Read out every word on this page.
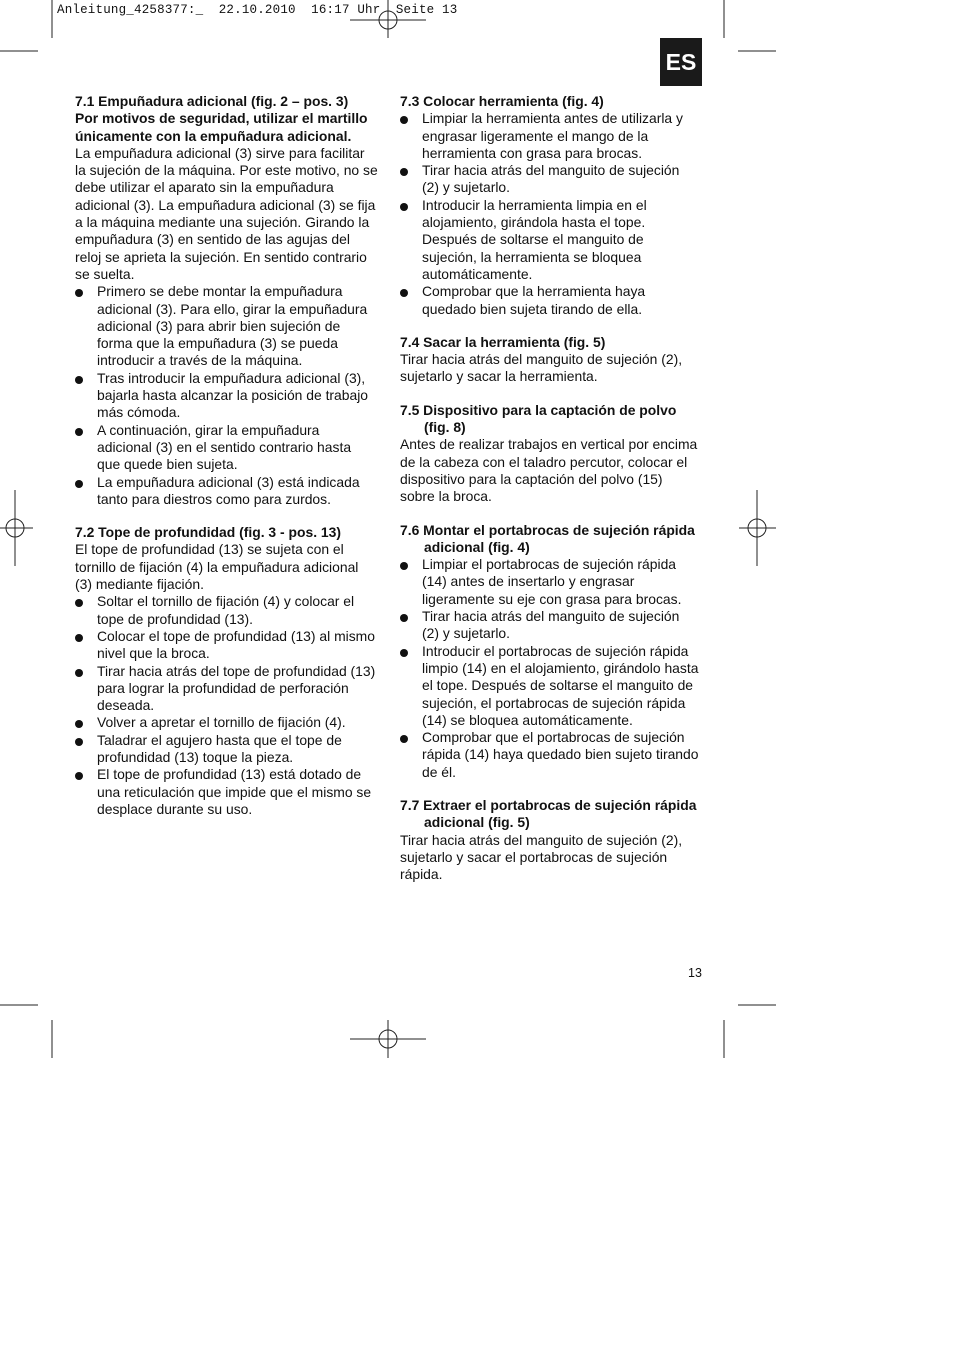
Anleitung_4258377:_  22.10.2010  16:17 Uhr  Seite 13
ES

7.1 Empuñadura adicional (fig. 2 – pos. 3)

Por motivos de seguridad, utilizar el martillo únicamente con la empuñadura adicional.

La empuñadura adicional (3) sirve para facilitar la sujeción de la máquina. Por este motivo, no se debe utilizar el aparato sin la empuñadura adicional (3). La empuñadura adicional (3) se fija a la máquina mediante una sujeción. Girando la empuñadura (3) en sentido de las agujas del reloj se aprieta la sujeción. En sentido contrario se suelta.

Primero se debe montar la empuñadura adicional (3). Para ello, girar la empuñadura adicional (3) para abrir bien sujeción de forma que la empuñadura (3) se pueda introducir a través de la máquina.
Tras introducir la empuñadura adicional (3), bajarla hasta alcanzar la posición de trabajo más cómoda.
A continuación, girar la empuñadura adicional (3) en el sentido contrario hasta que quede bien sujeta.
La empuñadura adicional (3) está indicada tanto para diestros como para zurdos.

7.2 Tope de profundidad (fig. 3 - pos. 13)

El tope de profundidad (13) se sujeta con el tornillo de fijación (4) la empuñadura adicional (3) mediante fijación.

Soltar el tornillo de fijación (4) y colocar el tope de profundidad (13).
Colocar el tope de profundidad (13) al mismo nivel que la broca.
Tirar hacia atrás del tope de profundidad (13) para lograr la profundidad de perforación deseada.
Volver a apretar el tornillo de fijación (4).
Taladrar el agujero hasta que el tope de profundidad (13) toque la pieza.
El tope de profundidad (13) está dotado de una reticulación que impide que el mismo se desplace durante su uso.

7.3 Colocar herramienta (fig. 4)

Limpiar la herramienta antes de utilizarla y engrasar ligeramente el mango de la herramienta con grasa para brocas.
Tirar hacia atrás del manguito de sujeción (2) y sujetarlo.
Introducir la herramienta limpia en el alojamiento, girándola hasta el tope. Después de soltarse el manguito de sujeción, la herramienta se bloquea automáticamente.
Comprobar que la herramienta haya quedado bien sujeta tirando de ella.

7.4 Sacar la herramienta (fig. 5)

Tirar hacia atrás del manguito de sujeción (2), sujetarlo y sacar la herramienta.

7.5 Dispositivo para la captación de polvo (fig. 8)

Antes de realizar trabajos en vertical por encima de la cabeza con el taladro percutor, colocar el dispositivo para la captación del polvo (15) sobre la broca.

7.6 Montar el portabrocas de sujeción rápida adicional (fig. 4)

Limpiar el portabrocas de sujeción rápida (14) antes de insertarlo y engrasar ligeramente su eje con grasa para brocas.
Tirar hacia atrás del manguito de sujeción (2) y sujetarlo.
Introducir el portabrocas de sujeción rápida limpio (14) en el alojamiento, girándolo hasta el tope. Después de soltarse el manguito de sujeción, el portabrocas de sujeción rápida (14) se bloquea automáticamente.
Comprobar que el portabrocas de sujeción rápida (14) haya quedado bien sujeto tirando de él.

7.7 Extraer el portabrocas de sujeción rápida adicional (fig. 5)

Tirar hacia atrás del manguito de sujeción (2), sujetarlo y sacar el portabrocas de sujeción rápida.

13
